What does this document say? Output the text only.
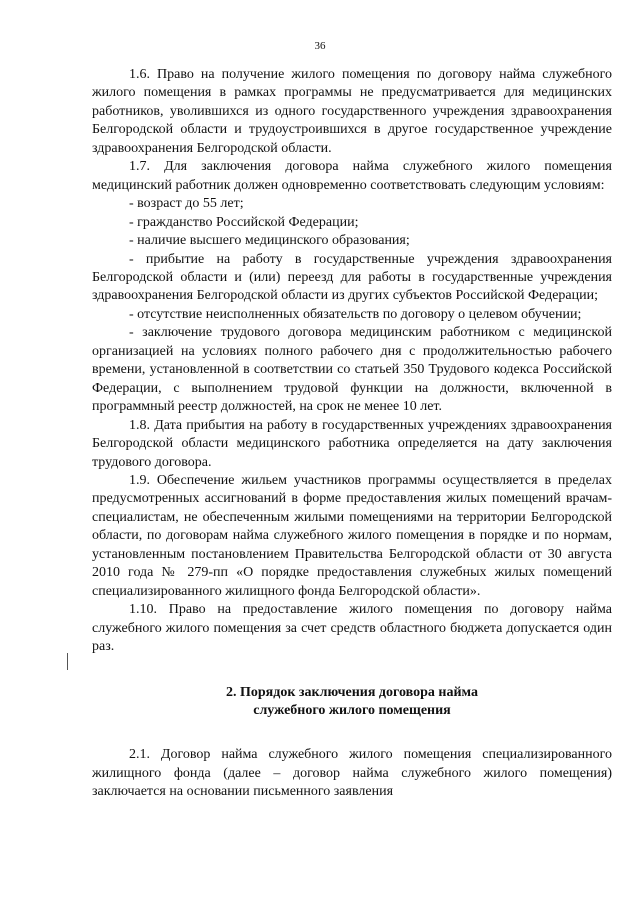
36

1.6. Право на получение жилого помещения по договору найма служебного жилого помещения в рамках программы не предусматривается для медицинских работников, уволившихся из одного государственного учреждения здравоохранения Белгородской области и трудоустроившихся в другое государственное учреждение здравоохранения Белгородской области.

1.7. Для заключения договора найма служебного жилого помещения медицинский работник должен одновременно соответствовать следующим условиям:

- возраст до 55 лет;

- гражданство Российской Федерации;

- наличие высшего медицинского образования;

- прибытие на работу в государственные учреждения здравоохранения Белгородской области и (или) переезд для работы в государственные учреждения здравоохранения Белгородской области из других субъектов Российской Федерации;

- отсутствие неисполненных обязательств по договору о целевом обучении;

- заключение трудового договора медицинским работником с медицинской организацией на условиях полного рабочего дня с продолжительностью рабочего времени, установленной в соответствии со статьей 350 Трудового кодекса Российской Федерации, с выполнением трудовой функции на должности, включенной в программный реестр должностей, на срок не менее 10 лет.

1.8. Дата прибытия на работу в государственных учреждениях здравоохранения Белгородской области медицинского работника определяется на дату заключения трудового договора.

1.9. Обеспечение жильем участников программы осуществляется в пределах предусмотренных ассигнований в форме предоставления жилых помещений врачам-специалистам, не обеспеченным жилыми помещениями на территории Белгородской области, по договорам найма служебного жилого помещения в порядке и по нормам, установленным постановлением Правительства Белгородской области от 30 августа 2010 года № 279-пп «О порядке предоставления служебных жилых помещений специализированного жилищного фонда Белгородской области».

1.10. Право на предоставление жилого помещения по договору найма служебного жилого помещения за счет средств областного бюджета допускается один раз.

2. Порядок заключения договора найма

служебного жилого помещения

2.1. Договор найма служебного жилого помещения специализированного жилищного фонда (далее – договор найма служебного жилого помещения) заключается на основании письменного заявления
